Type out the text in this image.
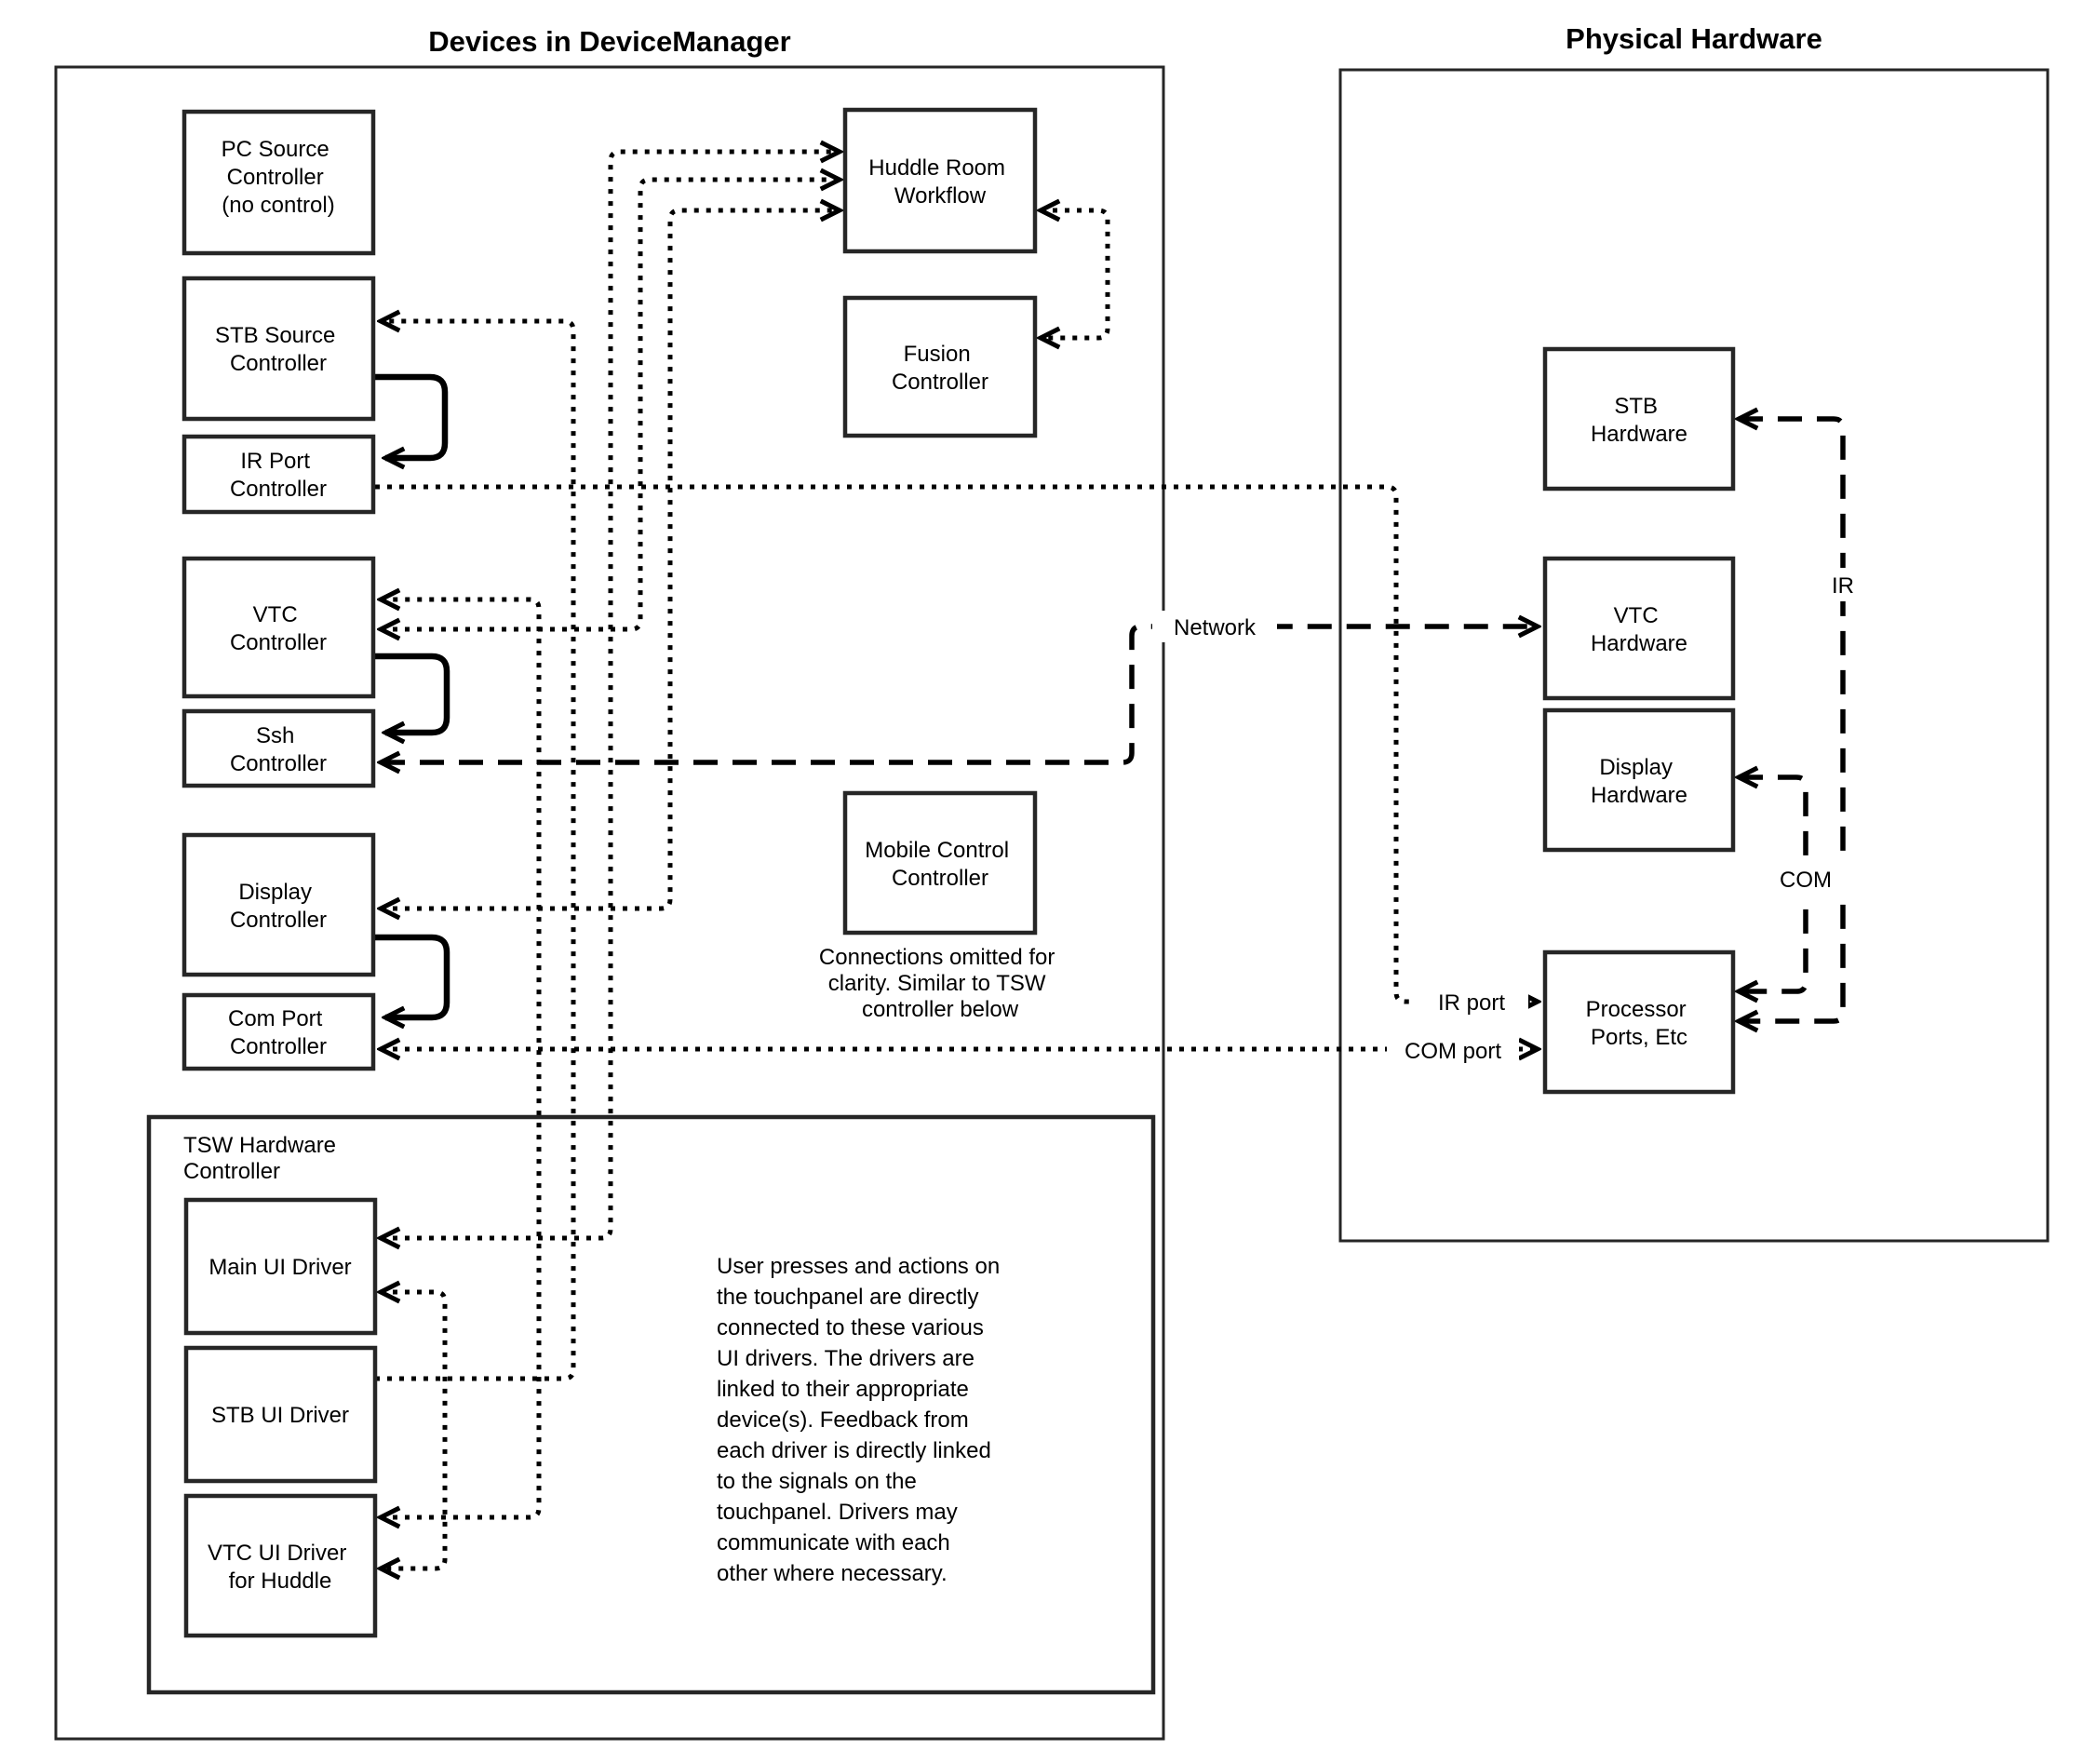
Devices in DeviceManager	Physical Hardware
TSW Hardware Controller
PC Source Controller (no control)
STB Source Controller
IR Port Controller
VTC Controller
Ssh Controller
Display Controller
Com Port Controller
Main UI Driver
STB UI Driver
VTC UI Driver for Huddle
Huddle Room Workflow
Fusion Controller
Mobile Control Controller
Connections omitted for clarity. Similar to TSW controller below
STB Hardware
VTC Hardware
Display Hardware
Processor Ports, Etc
Network
IR
COM
IR port
COM port
User presses and actions on the touchpanel are directly connected to these various UI drivers. The drivers are linked to their appropriate device(s). Feedback from each driver is directly linked to the signals on the touchpanel. Drivers may communicate with each other where necessary.
